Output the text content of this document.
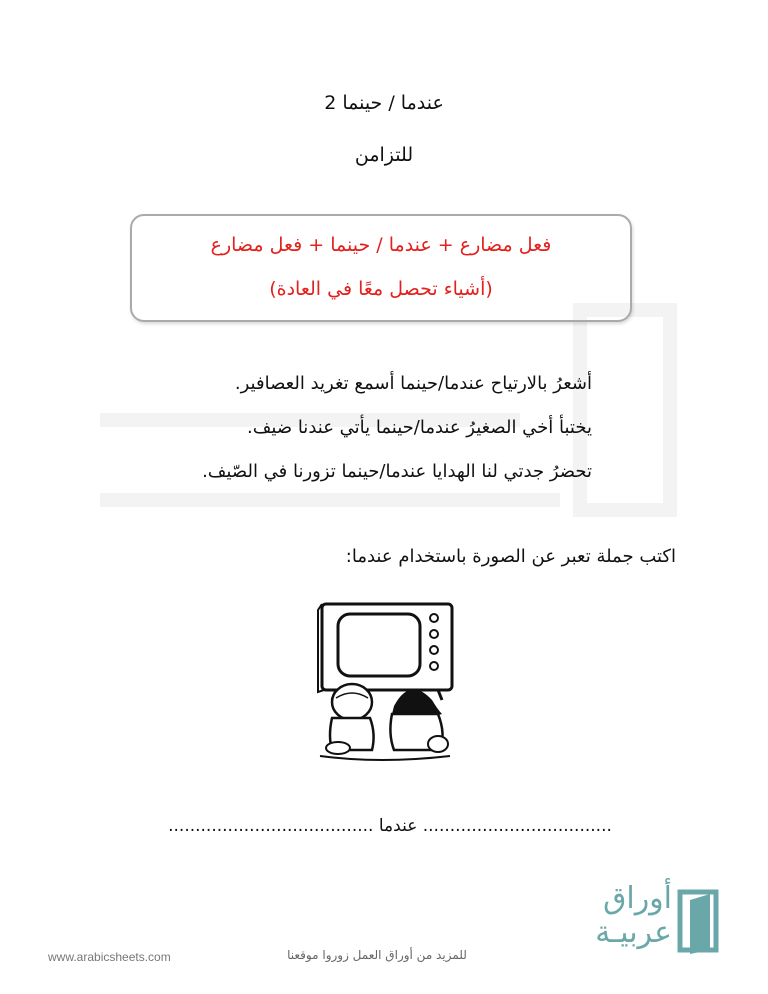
عندما / حينما 2
للتزامن
فعل مضارع + عندما / حينما + فعل مضارع
(أشياء تحصل معًا في العادة)
أشعرُ بالارتياح عندما/حينما أسمع تغريد العصافير.
يختبأ أخي الصغيرُ عندما/حينما يأتي عندنا ضيف.
تحضرُ جدتي لنا الهدايا عندما/حينما تزورنا في الصّيف.
اكتب جملة تعبر عن الصورة باستخدام عندما:
................................... عندما ......................................
www.arabicsheets.com	للمزيد من أوراق العمل زوروا موقعنا
أوراق
عربيـة
